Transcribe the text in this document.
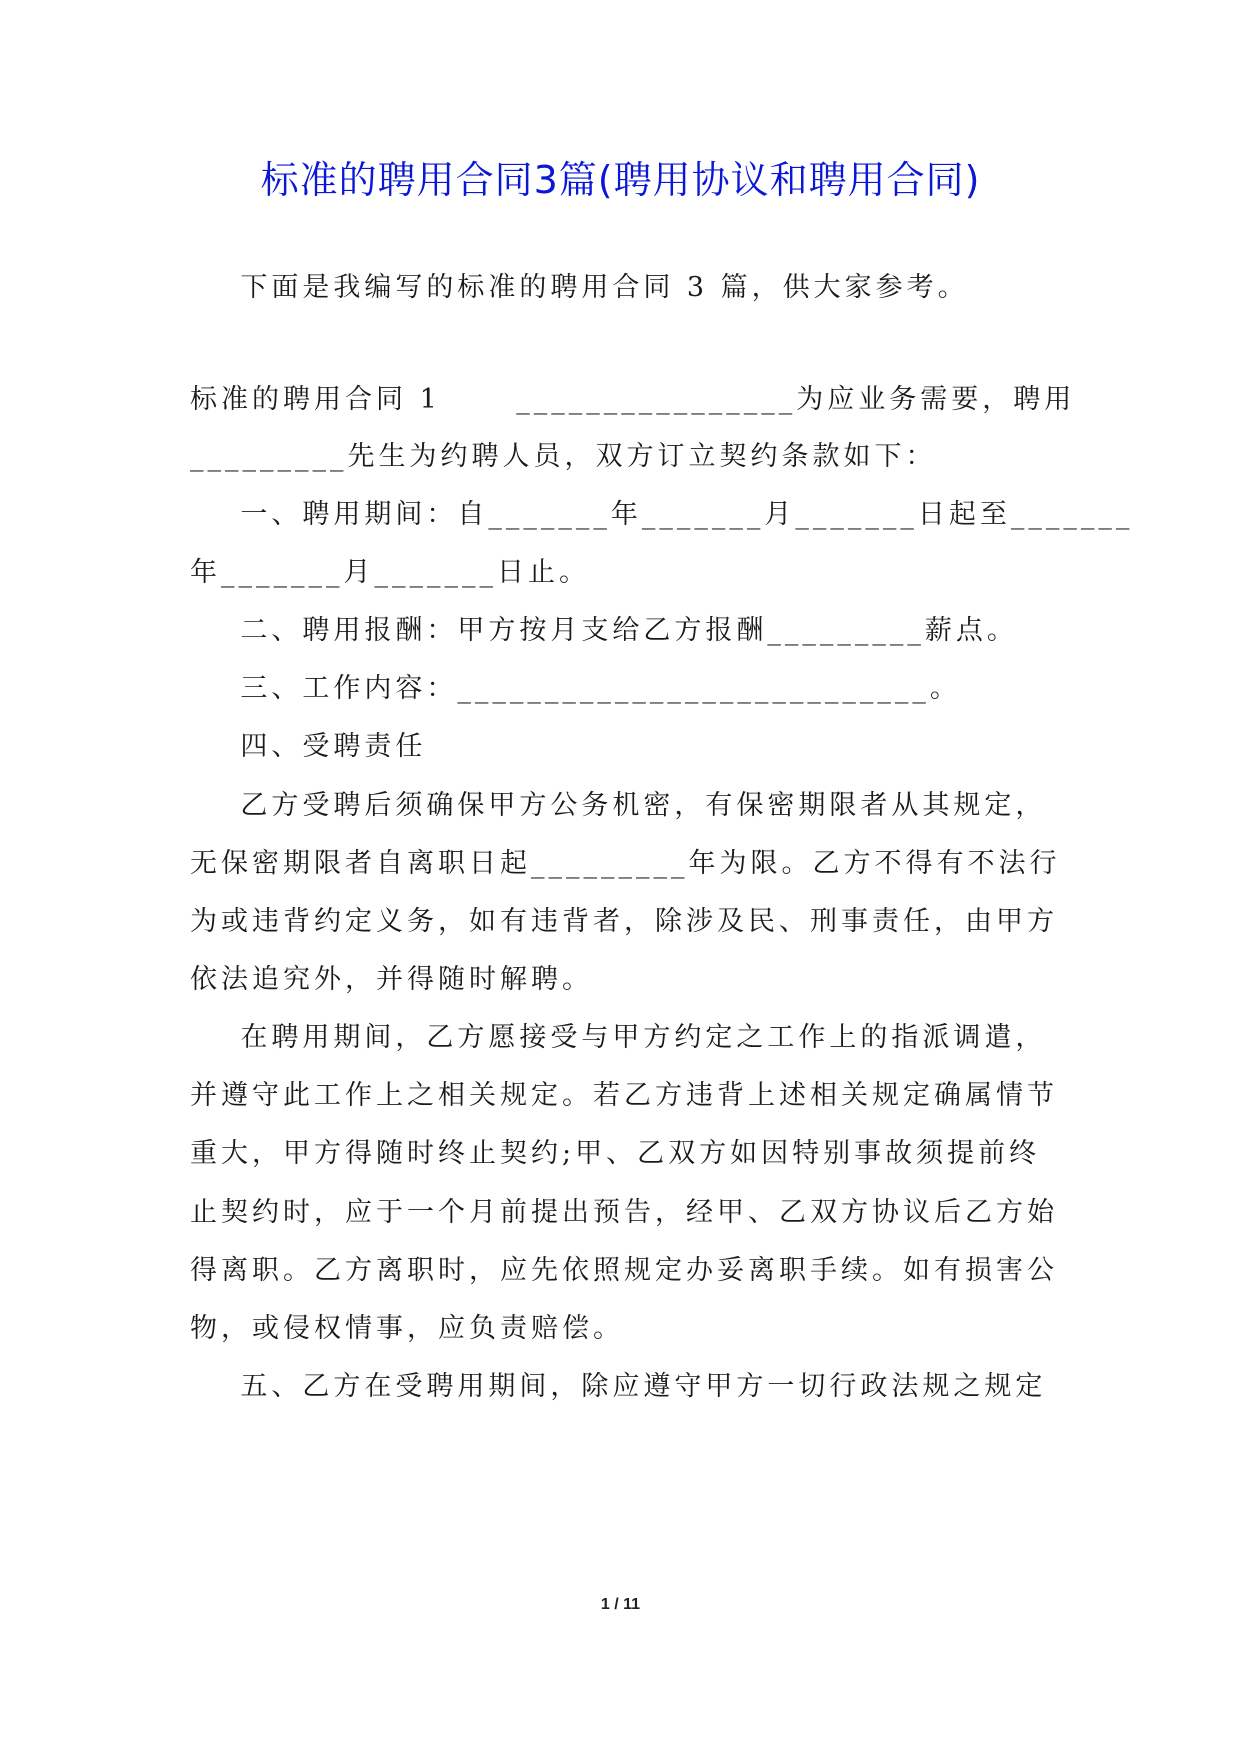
标准的聘用合同3篇(聘用协议和聘用合同)
下面是我编写的标准的聘用合同 3 篇，供大家参考。
标准的聘用合同 1      ________________为应业务需要，聘用
_________先生为约聘人员，双方订立契约条款如下：
一、聘用期间：自_______年_______月_______日起至_______
年_______月_______日止。
二、聘用报酬：甲方按月支给乙方报酬_________薪点。
三、工作内容：___________________________。
四、受聘责任
乙方受聘后须确保甲方公务机密，有保密期限者从其规定，
无保密期限者自离职日起_________年为限。乙方不得有不法行
为或违背约定义务，如有违背者，除涉及民、刑事责任，由甲方
依法追究外，并得随时解聘。
在聘用期间，乙方愿接受与甲方约定之工作上的指派调遣，
并遵守此工作上之相关规定。若乙方违背上述相关规定确属情节
重大，甲方得随时终止契约;甲、乙双方如因特别事故须提前终
止契约时，应于一个月前提出预告，经甲、乙双方协议后乙方始
得离职。乙方离职时，应先依照规定办妥离职手续。如有损害公
物，或侵权情事，应负责赔偿。
五、乙方在受聘用期间，除应遵守甲方一切行政法规之规定
1 / 11
